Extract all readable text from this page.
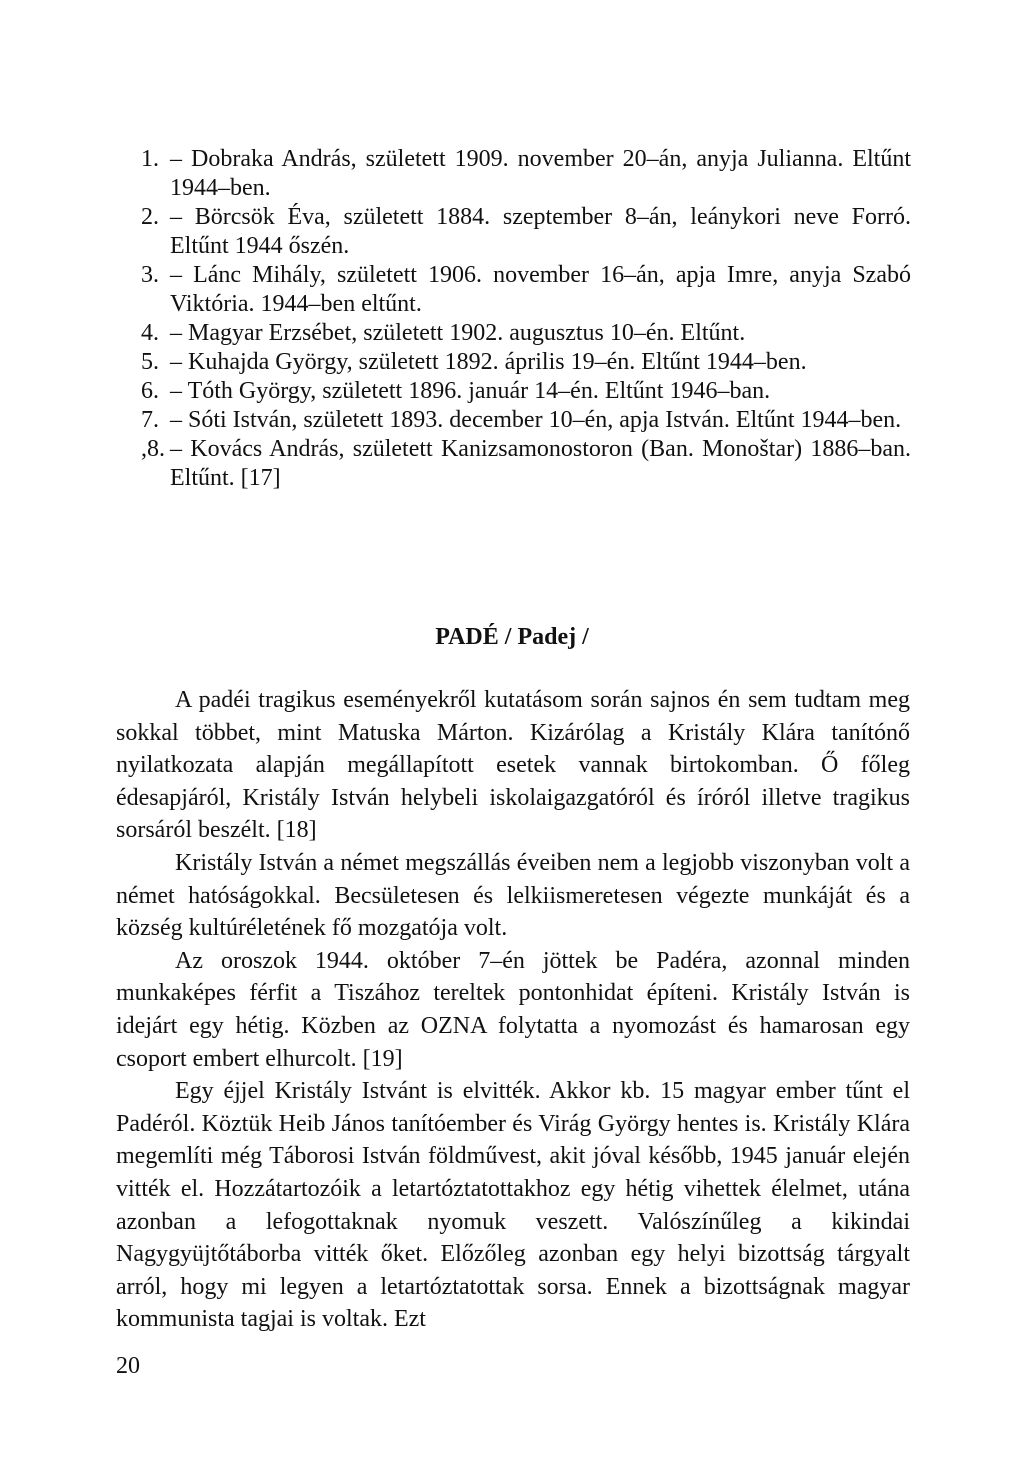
1. – Dobraka András, született 1909. november 20–án, anyja Julianna. Eltűnt 1944–ben.
2. – Börcsök Éva, született 1884. szeptember 8–án, leánykori neve Forró. Eltűnt 1944 őszén.
3. – Lánc Mihály, született 1906. november 16–án, apja Imre, anyja Szabó Viktória. 1944–ben eltűnt.
4. – Magyar Erzsébet, született 1902. augusztus 10–én. Eltűnt.
5. – Kuhajda György, született 1892. április 19–én. Eltűnt 1944–ben.
6. – Tóth György, született 1896. január 14–én. Eltűnt 1946–ban.
7. – Sóti István, született 1893. december 10–én, apja István. Eltűnt 1944–ben.
,8. – Kovács András, született Kanizsamonostoron (Ban. Monoštar) 1886–ban. Eltűnt. [17]
PADÉ / Padej /

A padéi tragikus eseményekről kutatásom során sajnos én sem tudtam meg sokkal többet, mint Matuska Márton. Kizárólag a Kristály Klára tanítónő nyilatkozata alapján megállapított esetek vannak birtokomban. Ő főleg édesapjáról, Kristály István helybeli iskolaigazgatóról és íróról illetve tragikus sorsáról beszélt. [18]

Kristály István a német megszállás éveiben nem a legjobb viszonyban volt a német hatóságokkal. Becsületesen és lelkiismeretesen végezte munkáját és a község kultúréletének fő mozgatója volt.

Az oroszok 1944. október 7–én jöttek be Padéra, azonnal minden munkaképes férfit a Tiszához tereltek pontonhidat építeni. Kristály István is idejárt egy hétig. Közben az OZNA folytatta a nyomozást és hamarosan egy csoport embert elhurcolt. [19]

Egy éjjel Kristály Istvánt is elvitték. Akkor kb. 15 magyar ember tűnt el Padéról. Köztük Heib János tanítóember és Virág György hentes is. Kristály Klára megemlíti még Táborosi István földművest, akit jóval később, 1945 január elején vitték el. Hozzátartozóik a letartóztatottakhoz egy hétig vihettek élelmet, utána azonban a lefogottaknak nyomuk veszett. Valószínűleg a kikindai Nagygyüjtőtáborba vitték őket. Előzőleg azonban egy helyi bizottság tárgyalt arról, hogy mi legyen a letartóztatottak sorsa. Ennek a bizottságnak magyar kommunista tagjai is voltak. Ezt

20
